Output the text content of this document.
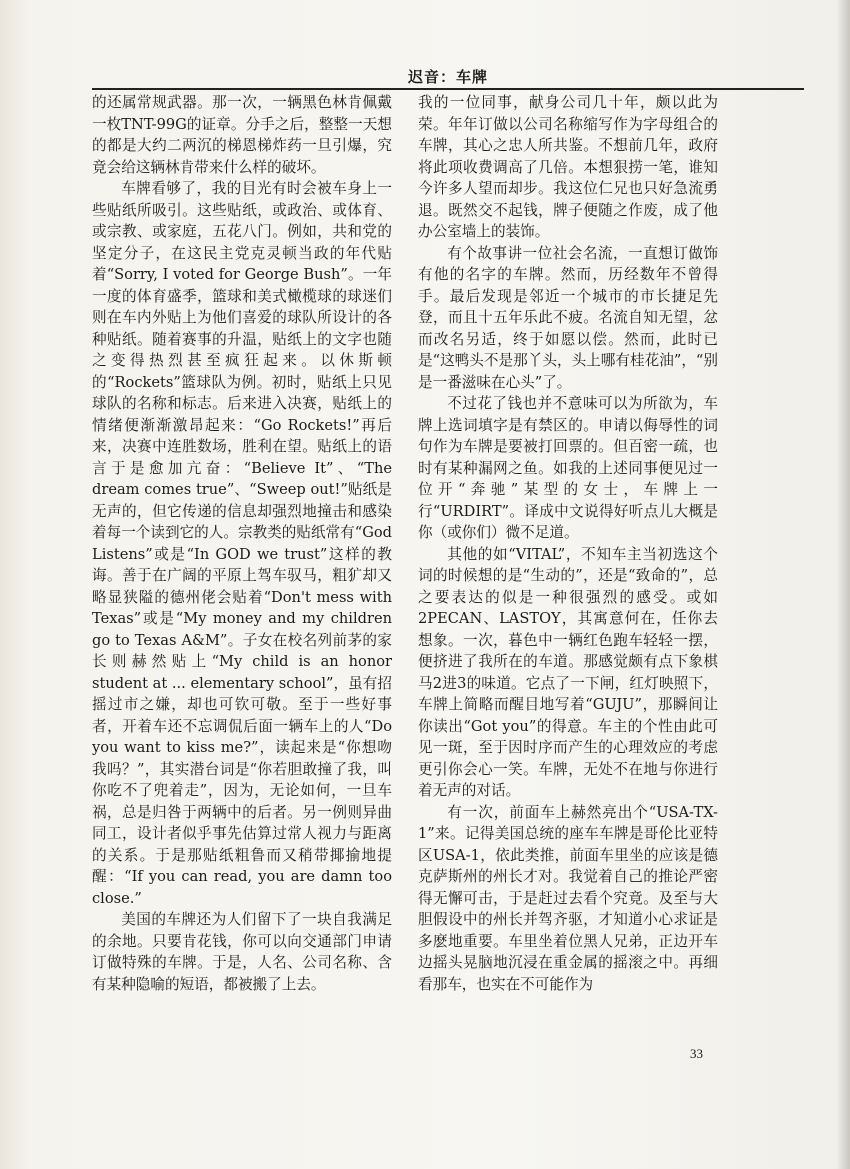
迟音：车牌

的还属常规武器。那一次，一辆黑色林肯佩戴一枚TNT-99G的证章。分手之后，整整一天想的都是大约二两沉的梯恩梯炸药一旦引爆，究竟会给这辆林肯带来什么样的破坏。

车牌看够了，我的目光有时会被车身上一些贴纸所吸引。这些贴纸，或政治、或体育、或宗教、或家庭，五花八门。例如，共和党的坚定分子，在这民主党克灵顿当政的年代贴着“Sorry, I voted for George Bush”。一年一度的体育盛季，篮球和美式橄榄球的球迷们则在车内外贴上为他们喜爱的球队所设计的各种贴纸。随着赛事的升温，贴纸上的文字也随之变得热烈甚至疯狂起来。以休斯顿的“Rockets”篮球队为例。初时，贴纸上只见球队的名称和标志。后来进入决赛，贴纸上的情绪便渐渐激昂起来：“Go Rockets!”再后来，决赛中连胜数场，胜利在望。贴纸上的语言于是愈加亢奋：“Believe It”、“The dream comes true”、“Sweep out!”贴纸是无声的，但它传递的信息却强烈地撞击和感染着每一个读到它的人。宗教类的贴纸常有“God Listens”或是“In GOD we trust”这样的教诲。善于在广阔的平原上驾车驭马，粗犷却又略显狭隘的德州佬会贴着“Don't mess with Texas”或是“My money and my children go to Texas A&M”。子女在校名列前茅的家长则赫然贴上“My child is an honor student at ... elementary school”，虽有招摇过市之嫌，却也可钦可敬。至于一些好事者，开着车还不忘调侃后面一辆车上的人“Do you want to kiss me?”，读起来是“你想吻我吗？”，其实潜台词是“你若胆敢撞了我，叫你吃不了兜着走”，因为，无论如何，一旦车祸，总是归咎于两辆中的后者。另一例则异曲同工，设计者似乎事先估算过常人视力与距离的关系。于是那贴纸粗鲁而又稍带揶揄地提醒：“If you can read, you are damn too close.”

美国的车牌还为人们留下了一块自我满足的余地。只要肯花钱，你可以向交通部门申请订做特殊的车牌。于是，人名、公司名称、含有某种隐喻的短语，都被搬了上去。

我的一位同事，献身公司几十年，颇以此为荣。年年订做以公司名称缩写作为字母组合的车牌，其心之忠人所共鉴。不想前几年，政府将此项收费调高了几倍。本想狠捞一笔，谁知今许多人望而却步。我这位仁兄也只好急流勇退。既然交不起钱，牌子便随之作废，成了他办公室墙上的装饰。

有个故事讲一位社会名流，一直想订做饰有他的名字的车牌。然而，历经数年不曾得手。最后发现是邻近一个城市的市长捷足先登，而且十五年乐此不疲。名流自知无望，忿而改名另适，终于如愿以偿。然而，此时已是“这鸭头不是那丫头，头上哪有桂花油”，“别是一番滋味在心头”了。

不过花了钱也并不意味可以为所欲为，车牌上选词填字是有禁区的。申请以侮辱性的词句作为车牌是要被打回票的。但百密一疏，也时有某种漏网之鱼。如我的上述同事便见过一位开“奔驰”某型的女士，车牌上一行“URDIRT”。译成中文说得好听点儿大概是你（或你们）微不足道。

其他的如“VITAL”，不知车主当初选这个词的时候想的是“生动的”，还是“致命的”，总之要表达的似是一种很强烈的感受。或如2PECAN、LASTOY，其寓意何在，任你去想象。一次，暮色中一辆红色跑车轻轻一摆，便挤进了我所在的车道。那感觉颇有点下象棋马2进3的味道。它点了一下闸，红灯映照下，车牌上简略而醒目地写着“GUJU”，那瞬间让你读出“Got you”的得意。车主的个性由此可见一斑，至于因时序而产生的心理效应的考虑更引你会心一笑。车牌，无处不在地与你进行着无声的对话。

有一次，前面车上赫然亮出个“USA-TX-1”来。记得美国总统的座车车牌是哥伦比亚特区USA-1，依此类推，前面车里坐的应该是德克萨斯州的州长才对。我觉着自己的推论严密得无懈可击，于是赶过去看个究竟。及至与大胆假设中的州长并驾齐驱，才知道小心求证是多麽地重要。车里坐着位黑人兄弟，正边开车边摇头晃脑地沉浸在重金属的摇滚之中。再细看那车，也实在不可能作为

33
